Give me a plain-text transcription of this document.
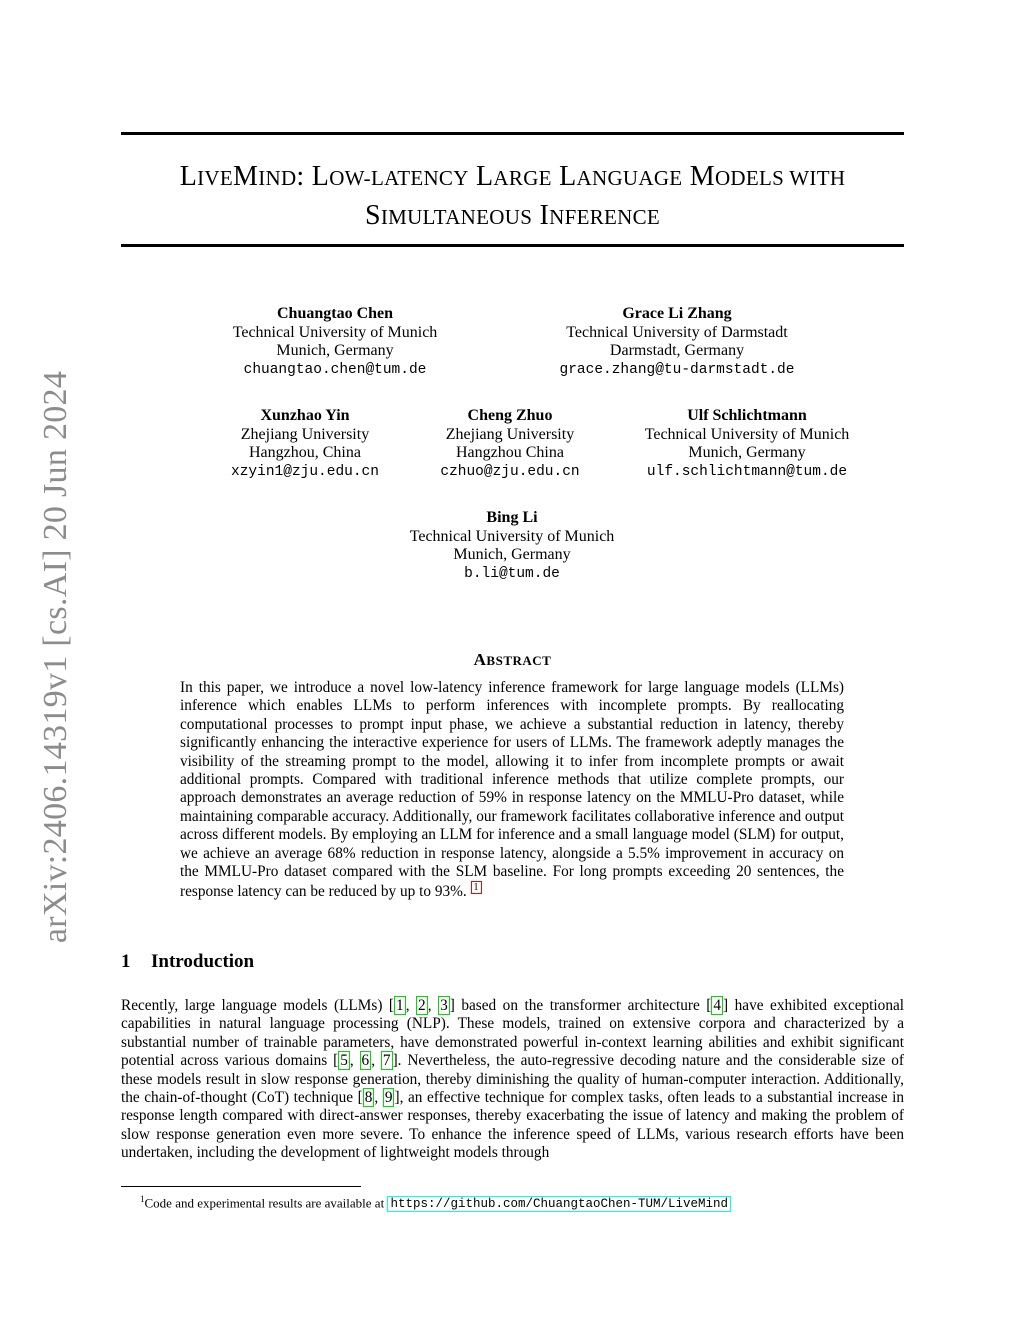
arXiv:2406.14319v1 [cs.AI] 20 Jun 2024
LIVEMIND: LOW-LATENCY LARGE LANGUAGE MODELS WITH
SIMULTANEOUS INFERENCE
Chuangtao Chen
Technical University of Munich
Munich, Germany
chuangtao.chen@tum.de
Grace Li Zhang
Technical University of Darmstadt
Darmstadt, Germany
grace.zhang@tu-darmstadt.de
Xunzhao Yin
Zhejiang University
Hangzhou, China
xzyin1@zju.edu.cn
Cheng Zhuo
Zhejiang University
Hangzhou China
czhuo@zju.edu.cn
Ulf Schlichtmann
Technical University of Munich
Munich, Germany
ulf.schlichtmann@tum.de
Bing Li
Technical University of Munich
Munich, Germany
b.li@tum.de
ABSTRACT
In this paper, we introduce a novel low-latency inference framework for large language models (LLMs) inference which enables LLMs to perform inferences with incomplete prompts. By reallocating computational processes to prompt input phase, we achieve a substantial reduction in latency, thereby significantly enhancing the interactive experience for users of LLMs. The framework adeptly manages the visibility of the streaming prompt to the model, allowing it to infer from incomplete prompts or await additional prompts. Compared with traditional inference methods that utilize complete prompts, our approach demonstrates an average reduction of 59% in response latency on the MMLU-Pro dataset, while maintaining comparable accuracy. Additionally, our framework facilitates collaborative inference and output across different models. By employing an LLM for inference and a small language model (SLM) for output, we achieve an average 68% reduction in response latency, alongside a 5.5% improvement in accuracy on the MMLU-Pro dataset compared with the SLM baseline. For long prompts exceeding 20 sentences, the response latency can be reduced by up to 93%. 1
1 Introduction
Recently, large language models (LLMs) [ 1 , 2 , 3 ] based on the transformer architecture [ 4 ] have exhibited exceptional capabilities in natural language processing (NLP). These models, trained on extensive corpora and characterized by a substantial number of trainable parameters, have demonstrated powerful in-context learning abilities and exhibit significant potential across various domains [ 5 , 6 , 7 ]. Nevertheless, the auto-regressive decoding nature and the considerable size of these models result in slow response generation, thereby diminishing the quality of human-computer interaction. Additionally, the chain-of-thought (CoT) technique [ 8 , 9 ], an effective technique for complex tasks, often leads to a substantial increase in response length compared with direct-answer responses, thereby exacerbating the issue of latency and making the problem of slow response generation even more severe. To enhance the inference speed of LLMs, various research efforts have been undertaken, including the development of lightweight models through
$^1$Code and experimental results are available at https://github.com/ChuangtaoChen-TUM/LiveMind
